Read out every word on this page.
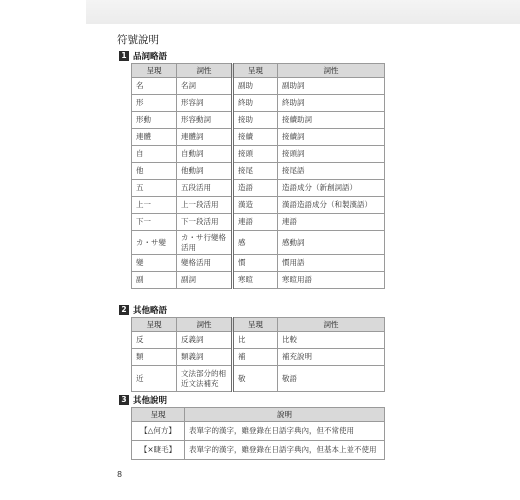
符號說明
1 品詞略語
呈現	詞性	呈現	詞性
名	名詞	副助	副助詞
形	形容詞	終助	終助詞
形動	形容動詞	接助	接續助詞
連體	連體詞	接續	接續詞
自	自動詞	接頭	接頭詞
他	他動詞	接尾	接尾語
五	五段活用	造語	造語成分（新創詞語）
上一	上一段活用	漢造	漢語造語成分（和製漢語）
下一	下一段活用	連語	連語
カ・サ變	カ・サ行變格活用	感	感動詞
變	變格活用	慣	慣用語
副	副詞	寒暄	寒暄用語
2 其他略語
呈現	詞性	呈現	詞性
反	反義詞	比	比較
類	類義詞	補	補充說明
近	文法部分的相近文法補充	敬	敬語
3 其他說明
呈現	說明
【△何方】	表單字的漢字，雖登錄在日語字典內，但不常使用
【×睫毛】	表單字的漢字，雖登錄在日語字典內，但基本上並不使用
8
